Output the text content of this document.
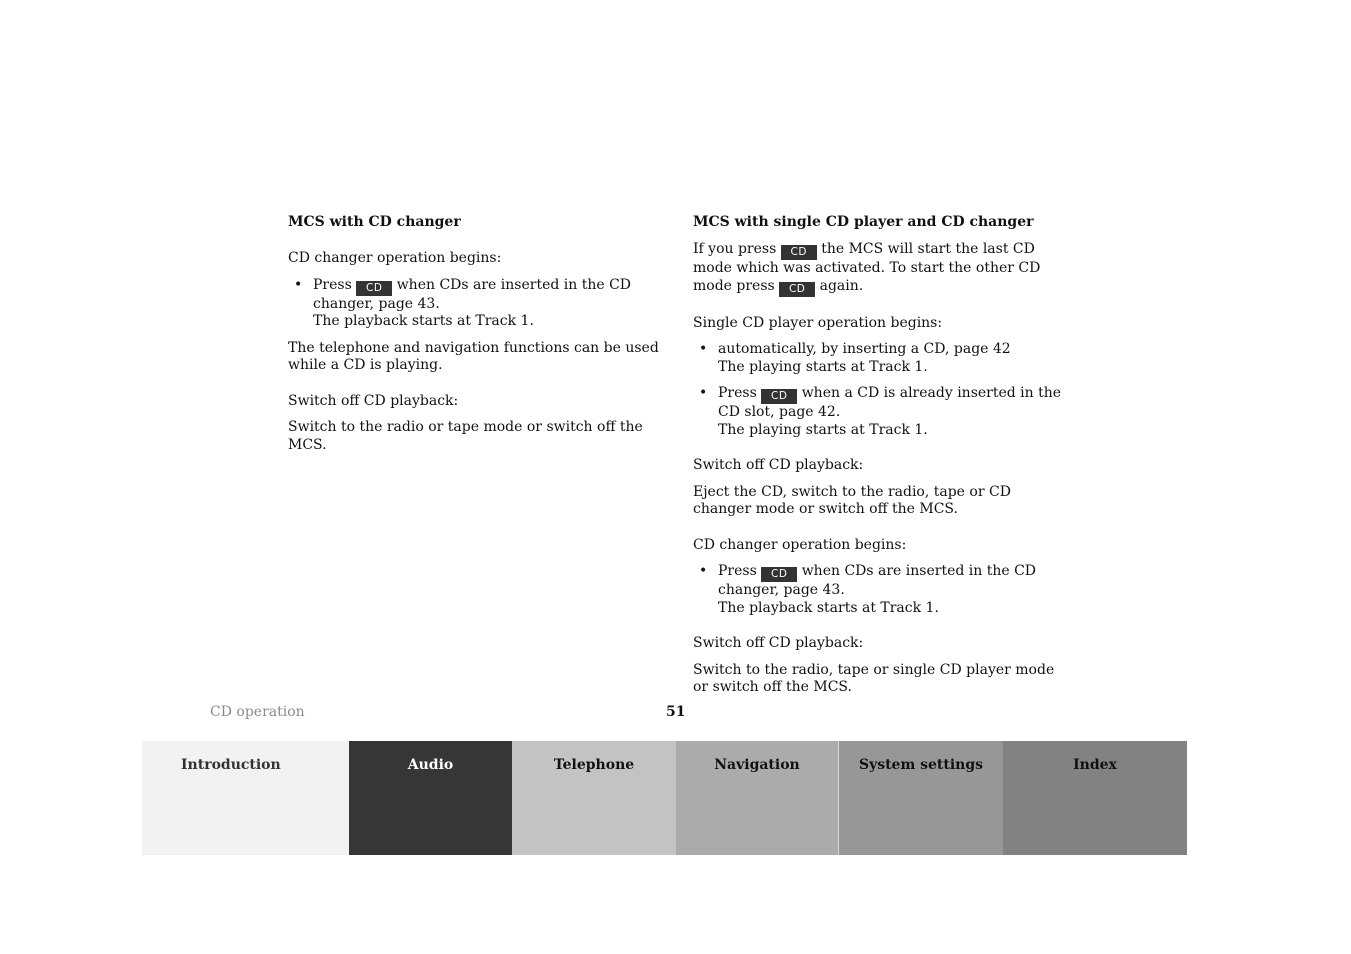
MCS with CD changer

CD changer operation begins:

• Press CD when CDs are inserted in the CD changer, page 43.
The playback starts at Track 1.

The telephone and navigation functions can be used while a CD is playing.

Switch off CD playback:

Switch to the radio or tape mode or switch off the MCS.

MCS with single CD player and CD changer

If you press CD the MCS will start the last CD mode which was activated. To start the other CD mode press CD again.

Single CD player operation begins:

• automatically, by inserting a CD, page 42
The playing starts at Track 1.
• Press CD when a CD is already inserted in the CD slot, page 42.
The playing starts at Track 1.

Switch off CD playback:

Eject the CD, switch to the radio, tape or CD changer mode or switch off the MCS.

CD changer operation begins:

• Press CD when CDs are inserted in the CD changer, page 43.
The playback starts at Track 1.

Switch off CD playback:

Switch to the radio, tape or single CD player mode or switch off the MCS.

CD operation	51
Introduction	Audio	Telephone	Navigation	System settings	Index
